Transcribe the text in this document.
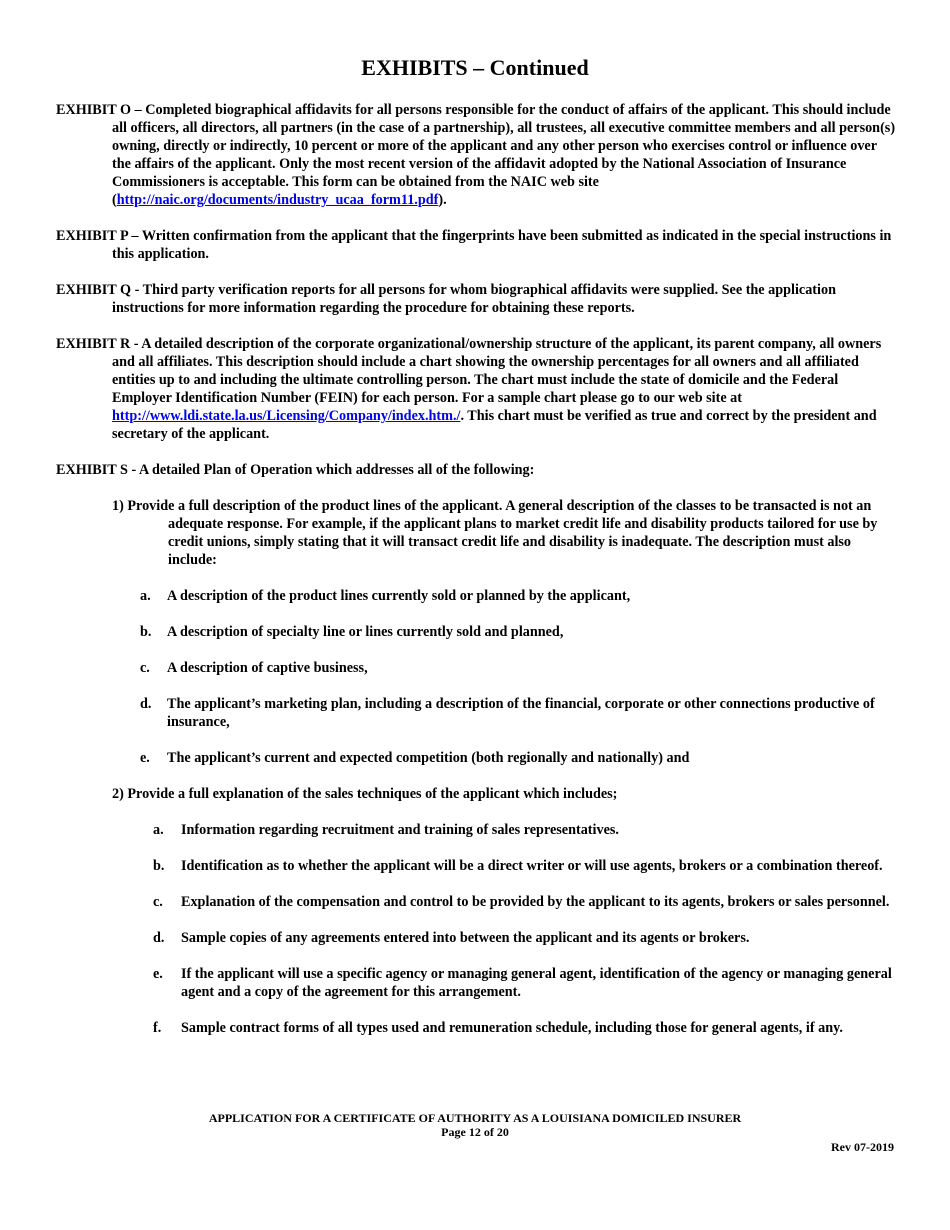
EXHIBITS – Continued

EXHIBIT O – Completed biographical affidavits for all persons responsible for the conduct of affairs of the applicant. This should include all officers, all directors, all partners (in the case of a partnership), all trustees, all executive committee members and all person(s) owning, directly or indirectly, 10 percent or more of the applicant and any other person who exercises control or influence over the affairs of the applicant. Only the most recent version of the affidavit adopted by the National Association of Insurance Commissioners is acceptable. This form can be obtained from the NAIC web site (http://naic.org/documents/industry_ucaa_form11.pdf).

EXHIBIT P – Written confirmation from the applicant that the fingerprints have been submitted as indicated in the special instructions in this application.

EXHIBIT Q - Third party verification reports for all persons for whom biographical affidavits were supplied. See the application instructions for more information regarding the procedure for obtaining these reports.

EXHIBIT R - A detailed description of the corporate organizational/ownership structure of the applicant, its parent company, all owners and all affiliates. This description should include a chart showing the ownership percentages for all owners and all affiliated entities up to and including the ultimate controlling person. The chart must include the state of domicile and the Federal Employer Identification Number (FEIN) for each person. For a sample chart please go to our web site at http://www.ldi.state.la.us/Licensing/Company/index.htm./. This chart must be verified as true and correct by the president and secretary of the applicant.

EXHIBIT S - A detailed Plan of Operation which addresses all of the following:

1) Provide a full description of the product lines of the applicant. A general description of the classes to be transacted is not an adequate response. For example, if the applicant plans to market credit life and disability products tailored for use by credit unions, simply stating that it will transact credit life and disability is inadequate. The description must also include:
a. A description of the product lines currently sold or planned by the applicant,
b. A description of specialty line or lines currently sold and planned,
c. A description of captive business,
d. The applicant’s marketing plan, including a description of the financial, corporate or other connections productive of insurance,
e. The applicant’s current and expected competition (both regionally and nationally) and
2) Provide a full explanation of the sales techniques of the applicant which includes;
a. Information regarding recruitment and training of sales representatives.
b. Identification as to whether the applicant will be a direct writer or will use agents, brokers or a combination thereof.
c. Explanation of the compensation and control to be provided by the applicant to its agents, brokers or sales personnel.
d. Sample copies of any agreements entered into between the applicant and its agents or brokers.
e. If the applicant will use a specific agency or managing general agent, identification of the agency or managing general agent and a copy of the agreement for this arrangement.
f. Sample contract forms of all types used and remuneration schedule, including those for general agents, if any.
APPLICATION FOR A CERTIFICATE OF AUTHORITY AS A LOUISIANA DOMICILED INSURER
Page 12 of 20
Rev 07-2019
